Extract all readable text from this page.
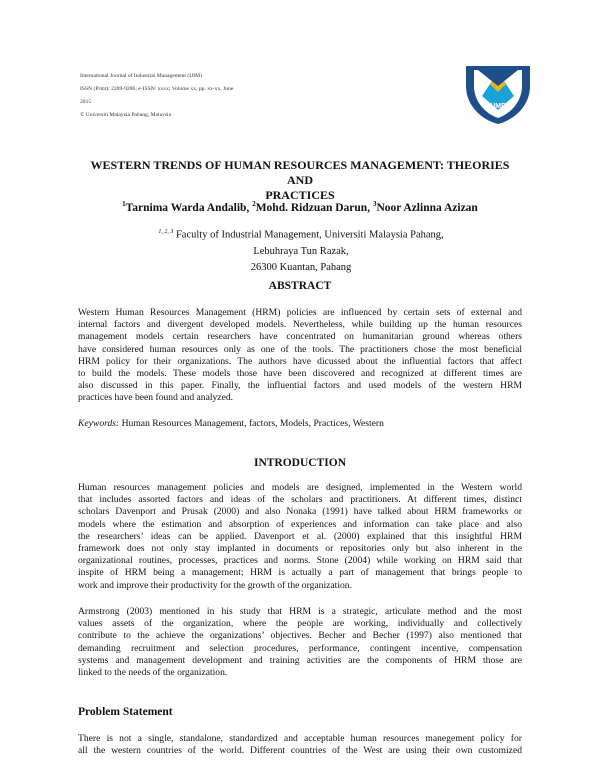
International Journal of Industrial Management (IJIM)
ISSN (Print): 2289-9286; e-ISSN: xxxx; Volume xx, pp. xx-xx, June
2015
© Universiti Malaysia Pahang, Malaysia
UMP
WESTERN TRENDS OF HUMAN RESOURCES MANAGEMENT: THEORIES AND
PRACTICES
$^1$Tarnima Warda Andalib, $^2$Mohd. Ridzuan Darun, $^3$Noor Azlinna Azizan
$^{1, 2, 3}$ Faculty of Industrial Management, Universiti Malaysia Pahang, Lebuhraya Tun Razak,
26300 Kuantan, Pahang
ABSTRACT
Western Human Resources Management (HRM) policies are influenced by certain sets of external and
internal factors and divergent developed models. Nevertheless, while building up the human resources
management models certain researchers have concentrated on humanitarian ground whereas others
have considered human resources only as one of the tools. The practitioners chose the most beneficial
HRM policy for their organizations. The authors have dicussed about the influential factors that affect
to build the models. These models those have been discovered and recognized at different times are
also discussed in this paper. Finally, the influential factors and used models of the western HRM
practices have been found and analyzed.
Keywords: Human Resources Management, factors, Models, Practices, Western
INTRODUCTION
Human resources management policies and models are designed, implemented in the Western world
that includes assorted factors and ideas of the scholars and practitioners. At different times, distinct
scholars Davenport and Prusak (2000) and also Nonaka (1991) have talked about HRM frameworks or
models where the estimation and absorption of experiences and information can take place and also
the researchers’ ideas can be applied. Davenport et al. (2000) explained that this insightful HRM
framework does not only stay implanted in documents or repositories only but also inherent in the
organizational routines, processes, practices and norms. Stone (2004) while working on HRM said that
inspite of HRM being a management; HRM is actually a part of management that brings people to
work and improve their productivity for the growth of the organization.
Armstrong (2003) mentioned in his study that HRM is a strategic, articulate method and the most
values assets of the organization, where the people are working, individually and collectively
contribute to the achieve the organizations’ objectives. Becher and Becher (1997) also mentioned that
demanding recruitment and selection procedures, performance, contingent incentive, compensation
systems and management development and training activities are the components of HRM those are
linked to the needs of the organization.
Problem Statement
There is not a single, standalone, standardized and acceptable human resources manegement policy for
all the western countries of the world. Different countries of the West are using their own customized
